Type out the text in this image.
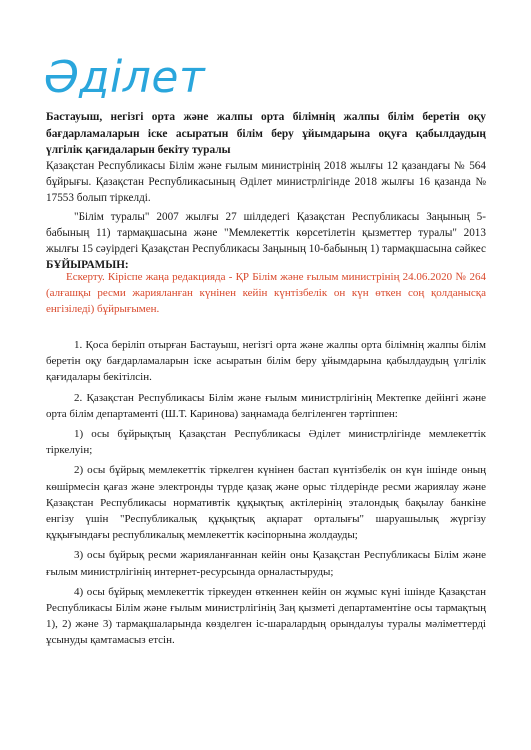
Әділет
Бастауыш, негізгі орта және жалпы орта білімнің жалпы білім беретін оқу бағдарламаларын іске асыратын білім беру ұйымдарына оқуға қабылдаудың үлгілік қағидаларын бекіту туралы

Қазақстан Республикасы Білім және ғылым министрінің 2018 жылғы 12 қазандағы № 564 бұйрығы. Қазақстан Республикасының Әділет министрлігінде 2018 жылғы 16 қазанда № 17553 болып тіркелді.

"Білім туралы" 2007 жылғы 27 шілдедегі Қазақстан Республикасы Заңының 5-бабының 11) тармақшасына және "Мемлекеттік көрсетілетін қызметтер туралы" 2013 жылғы 15 сәуірдегі Қазақстан Республикасы Заңының 10-бабының 1) тармақшасына сәйкес БҰЙЫРАМЫН:

Ескерту. Кіріспе жаңа редакцияда - ҚР Білім және ғылым министрінің 24.06.2020 № 264 (алғашқы ресми жарияланған күнінен кейін күнтізбелік он күн өткен соң қолданысқа енгізіледі) бұйрығымен.

1. Қоса беріліп отырған Бастауыш, негізгі орта және жалпы орта білімнің жалпы білім беретін оқу бағдарламаларын іске асыратын білім беру ұйымдарына қабылдаудың үлгілік қағидалары бекітілсін.

2. Қазақстан Республикасы Білім және ғылым министрлігінің Мектепке дейінгі және орта білім департаменті (Ш.Т. Каринова) заңнамада белгіленген тәртіппен:

1) осы бұйрықтың Қазақстан Республикасы Әділет министрлігінде мемлекеттік тіркелуін;

2) осы бұйрық мемлекеттік тіркелген күнінен бастап күнтізбелік он күн ішінде оның көшірмесін қағаз және электронды түрде қазақ және орыс тілдерінде ресми жариялау және Қазақстан Республикасы нормативтік құқықтық актілерінің эталондық бақылау банкіне енгізу үшін "Республикалық құқықтық ақпарат орталығы" шаруашылық жүргізу құқығындағы республикалық мемлекеттік кәсіпорнына жолдауды;

3) осы бұйрық ресми жарияланғаннан кейін оны Қазақстан Республикасы Білім және ғылым министрлігінің интернет-ресурсында орналастыруды;

4) осы бұйрық мемлекеттік тіркеуден өткеннен кейін он жұмыс күні ішінде Қазақстан Республикасы Білім және ғылым министрлігінің Заң қызметі департаментіне осы тармақтың 1), 2) және 3) тармақшаларында көзделген іс-шаралардың орындалуы туралы мәліметтерді ұсынуды қамтамасыз етсін.
